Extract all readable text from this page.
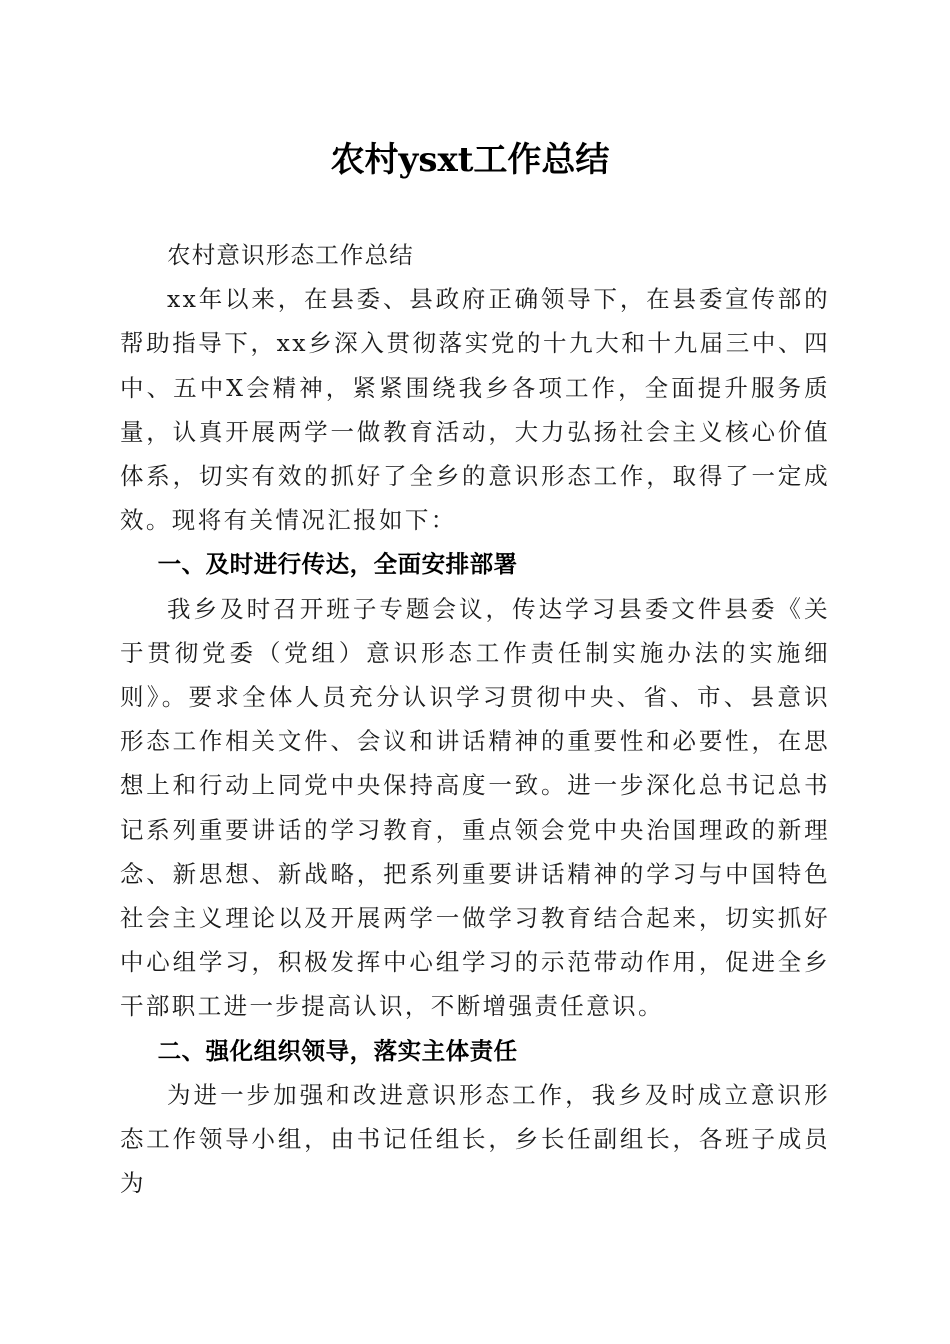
农村ysxt工作总结

农村意识形态工作总结

xx年以来，在县委、县政府正确领导下，在县委宣传部的帮助指导下，xx乡深入贯彻落实党的十九大和十九届三中、四中、五中X会精神，紧紧围绕我乡各项工作，全面提升服务质量，认真开展两学一做教育活动，大力弘扬社会主义核心价值体系，切实有效的抓好了全乡的意识形态工作，取得了一定成效。现将有关情况汇报如下：

一、及时进行传达，全面安排部署

我乡及时召开班子专题会议，传达学习县委文件县委《关于贯彻党委（党组）意识形态工作责任制实施办法的实施细则》。要求全体人员充分认识学习贯彻中央、省、市、县意识形态工作相关文件、会议和讲话精神的重要性和必要性，在思想上和行动上同党中央保持高度一致。进一步深化总书记总书记系列重要讲话的学习教育，重点领会党中央治国理政的新理念、新思想、新战略，把系列重要讲话精神的学习与中国特色社会主义理论以及开展两学一做学习教育结合起来，切实抓好中心组学习，积极发挥中心组学习的示范带动作用，促进全乡干部职工进一步提高认识，不断增强责任意识。

二、强化组织领导，落实主体责任

为进一步加强和改进意识形态工作，我乡及时成立意识形态工作领导小组，由书记任组长，乡长任副组长，各班子成员为
